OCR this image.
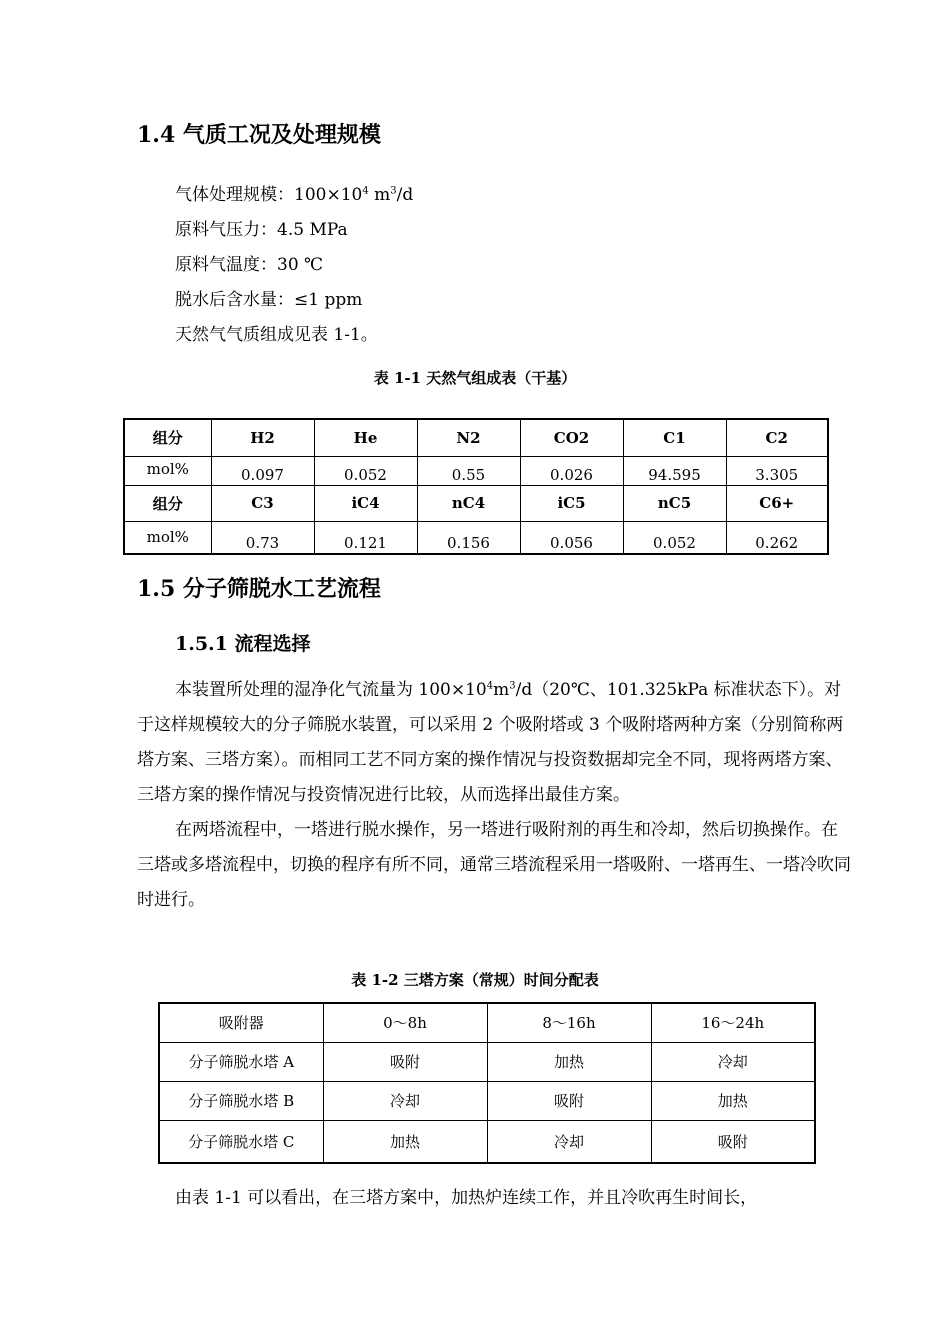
1.4 气质工况及处理规模
气体处理规模：$100\times 10^4$ $m^3/d$
原料气压力：4.5 MPa
原料气温度：30 ℃
脱水后含水量：≤1 ppm
天然气气质组成见表 1-1。
表 1-1 天然气组成表（干基）
组分	H2	He	N2	CO2	C1	C2
mol%	0.097	0.052	0.55	0.026	94.595	3.305
组分	C3	iC4	nC4	iC5	nC5	C6+
mol%	0.73	0.121	0.156	0.056	0.052	0.262
1.5 分子筛脱水工艺流程
1.5.1 流程选择

本装置所处理的湿净化气流量为 $100\times 10^4m^3/d(20℃$、101.325kPa 标准状态下）。对于这样规模较大的分子筛脱水装置，可以采用 2 个吸附塔或 3 个吸附塔两种方案（分别简称两塔方案、三塔方案）。而相同工艺不同方案的操作情况与投资数据却完全不同，现将两塔方案、三塔方案的操作情况与投资情况进行比较，从而选择出最佳方案。

在两塔流程中，一塔进行脱水操作，另一塔进行吸附剂的再生和冷却，然后切换操作。在三塔或多塔流程中，切换的程序有所不同，通常三塔流程采用一塔吸附、一塔再生、一塔冷吹同时进行。

表 1-2 三塔方案（常规）时间分配表
吸附器	0～8h	8～16h	16～24h
分子筛脱水塔 A	吸附	加热	冷却
分子筛脱水塔 B	冷却	吸附	加热
分子筛脱水塔 C	加热	冷却	吸附
由表 1-1 可以看出，在三塔方案中，加热炉连续工作，并且冷吹再生时间长，
